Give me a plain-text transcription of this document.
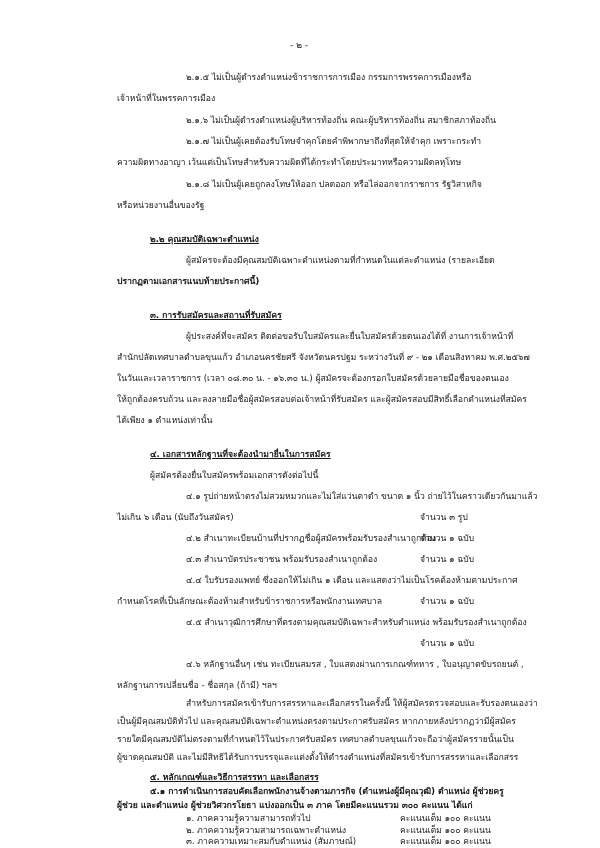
- ๒ -
๒.๑.๕ ไม่เป็นผู้ดำรงตำแหน่งข้าราชการการเมือง กรรมการพรรคการเมืองหรือ
เจ้าหน้าที่ในพรรคการเมือง
๒.๑.๖ ไม่เป็นผู้ดำรงตำแหน่งผู้บริหารท้องถิ่น คณะผู้บริหารท้องถิ่น สมาชิกสภาท้องถิ่น
๒.๑.๗ ไม่เป็นผู้เคยต้องรับโทษจำคุกโดยคำพิพากษาถึงที่สุดให้จำคุก เพราะกระทำ
ความผิดทางอาญา เว้นแต่เป็นโทษสำหรับความผิดที่ได้กระทำโดยประมาทหรือความผิดลหุโทษ
๒.๑.๘ ไม่เป็นผู้เคยถูกลงโทษให้ออก ปลดออก หรือไล่ออกจากราชการ รัฐวิสาหกิจ
หรือหน่วยงานอื่นของรัฐ
๒.๒ คุณสมบัติเฉพาะตำแหน่ง
ผู้สมัครจะต้องมีคุณสมบัติเฉพาะตำแหน่งตามที่กำหนดในแต่ละตำแหน่ง (รายละเอียด
ปรากฏตามเอกสารแนบท้ายประกาศนี้)
๓. การรับสมัครและสถานที่รับสมัคร
ผู้ประสงค์ที่จะสมัคร ติดต่อขอรับใบสมัครและยื่นใบสมัครด้วยตนเองได้ที่ งานการเจ้าหน้าที่
สำนักปลัดเทศบาลตำบลขุนแก้ว อำเภอนครชัยศรี จังหวัดนครปฐม ระหว่างวันที่ ๙ - ๒๑ เดือนสิงหาคม พ.ศ.๒๕๖๗
ในวันและเวลาราชการ (เวลา ๐๘.๓๐ น. - ๑๖.๓๐ น.) ผู้สมัครจะต้องกรอกใบสมัครด้วยลายมือชื่อของตนเอง
ให้ถูกต้องครบถ้วน และลงลายมือชื่อผู้สมัครสอบต่อเจ้าหน้าที่รับสมัคร และผู้สมัครสอบมีสิทธิ์เลือกตำแหน่งที่สมัคร
ได้เพียง ๑ ตำแหน่งเท่านั้น
๔. เอกสารหลักฐานที่จะต้องนำมายื่นในการสมัคร
ผู้สมัครต้องยื่นใบสมัครพร้อมเอกสารดังต่อไปนี้
๔.๑ รูปถ่ายหน้าตรงไม่สวมหมวกและไม่ใส่แว่นตาดำ ขนาด ๑ นิ้ว ถ่ายไว้ในคราวเดียวกันมาแล้ว
ไม่เกิน ๖ เดือน (นับถึงวันสมัคร)	จำนวน ๓ รูป
๔.๒ สำเนาทะเบียนบ้านที่ปรากฏชื่อผู้สมัครพร้อมรับรองสำเนาถูกต้อง
จำนวน ๑ ฉบับ
๔.๓ สำเนาบัตรประชาชน พร้อมรับรองสำเนาถูกต้อง	จำนวน ๑ ฉบับ
๔.๔ ใบรับรองแพทย์ ซึ่งออกให้ไม่เกิน ๑ เดือน และแสดงว่าไม่เป็นโรคต้องห้ามตามประกาศ
กำหนดโรคที่เป็นลักษณะต้องห้ามสำหรับข้าราชการหรือพนักงานเทศบาล	จำนวน ๑ ฉบับ
๔.๕ สำเนาวุฒิการศึกษาที่ตรงตามคุณสมบัติเฉพาะสำหรับตำแหน่ง พร้อมรับรองสำเนาถูกต้อง
จำนวน ๑ ฉบับ
๔.๖ หลักฐานอื่นๆ เช่น ทะเบียนสมรส , ใบแสดงผ่านการเกณฑ์ทหาร , ใบอนุญาตขับรถยนต์ ,
หลักฐานการเปลี่ยนชื่อ - ชื่อสกุล (ถ้ามี) ฯลฯ
สำหรับการสมัครเข้ารับการสรรหาและเลือกสรรในครั้งนี้ ให้ผู้สมัครตรวจสอบและรับรองตนเองว่า
เป็นผู้มีคุณสมบัติทั่วไป และคุณสมบัติเฉพาะตำแหน่งตรงตามประกาศรับสมัคร หากภายหลังปรากฏว่ามีผู้สมัคร
รายใดมีคุณสมบัติไม่ตรงตามที่กำหนดไว้ในประกาศรับสมัคร เทศบาลตำบลขุนแก้วจะถือว่าผู้สมัครรายนั้นเป็น
ผู้ขาดคุณสมบัติ และไม่มีสิทธิได้รับการบรรจุและแต่งตั้งให้ดำรงตำแหน่งที่สมัครเข้ารับการสรรหาและเลือกสรร
๕. หลักเกณฑ์และวิธีการสรรหา และเลือกสรร
๕.๑ การดำเนินการสอบคัดเลือกพนักงานจ้างตามภารกิจ (ตำแหน่งผู้มีคุณวุฒิ) ตำแหน่ง ผู้ช่วยครู
ผู้ช่วย และตำแหน่ง ผู้ช่วยวิศวกรโยธา แบ่งออกเป็น ๓ ภาค โดยมีคะแนนรวม ๓๐๐ คะแนน ได้แก่
๑. ภาคความรู้ความสามารถทั่วไป	คะแนนเต็ม ๑๐๐ คะแนน
๒. ภาคความรู้ความสามารถเฉพาะตำแหน่ง	คะแนนเต็ม ๑๐๐ คะแนน
๓. ภาคความเหมาะสมกับตำแหน่ง (สัมภาษณ์)	คะแนนเต็ม ๑๐๐ คะแนน
